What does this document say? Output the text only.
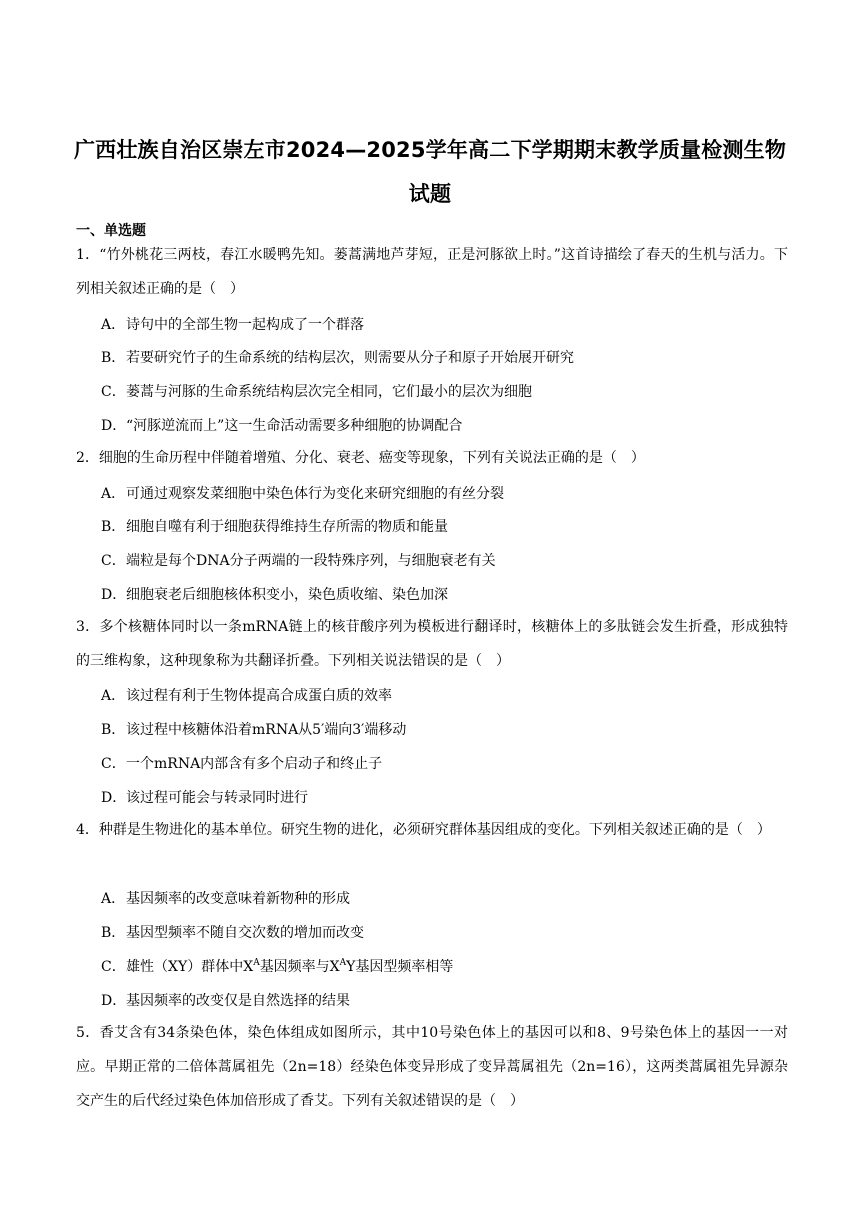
广西壮族自治区崇左市2024—2025学年高二下学期期末教学质量检测生物
试题
一、单选题
1．“竹外桃花三两枝，春江水暖鸭先知。蒌蒿满地芦芽短，正是河豚欲上时。”这首诗描绘了春天的生机与活力。下列相关叙述正确的是（　）
A．诗句中的全部生物一起构成了一个群落
B．若要研究竹子的生命系统的结构层次，则需要从分子和原子开始展开研究
C．蒌蒿与河豚的生命系统结构层次完全相同，它们最小的层次为细胞
D．“河豚逆流而上”这一生命活动需要多种细胞的协调配合
2．细胞的生命历程中伴随着增殖、分化、衰老、癌变等现象，下列有关说法正确的是（　）
A．可通过观察发菜细胞中染色体行为变化来研究细胞的有丝分裂
B．细胞自噬有利于细胞获得维持生存所需的物质和能量
C．端粒是每个DNA分子两端的一段特殊序列，与细胞衰老有关
D．细胞衰老后细胞核体积变小，染色质收缩、染色加深
3．多个核糖体同时以一条mRNA链上的核苷酸序列为模板进行翻译时，核糖体上的多肽链会发生折叠，形成独特的三维构象，这种现象称为共翻译折叠。下列相关说法错误的是（　）
A．该过程有利于生物体提高合成蛋白质的效率
B．该过程中核糖体沿着mRNA从5′端向3′端移动
C．一个mRNA内部含有多个启动子和终止子
D．该过程可能会与转录同时进行
4．种群是生物进化的基本单位。研究生物的进化，必须研究群体基因组成的变化。下列相关叙述正确的是（　）
A．基因频率的改变意味着新物种的形成
B．基因型频率不随自交次数的增加而改变
C．雄性（XY）群体中$X^A$基因频率与$X^AY$基因型频率相等
D．基因频率的改变仅是自然选择的结果
5．香艾含有34条染色体，染色体组成如图所示，其中10号染色体上的基因可以和8、9号染色体上的基因一一对应。早期正常的二倍体蒿属祖先（2n=18）经染色体变异形成了变异蒿属祖先（2n=16），这两类蒿属祖先异源杂交产生的后代经过染色体加倍形成了香艾。下列有关叙述错误的是（　）
